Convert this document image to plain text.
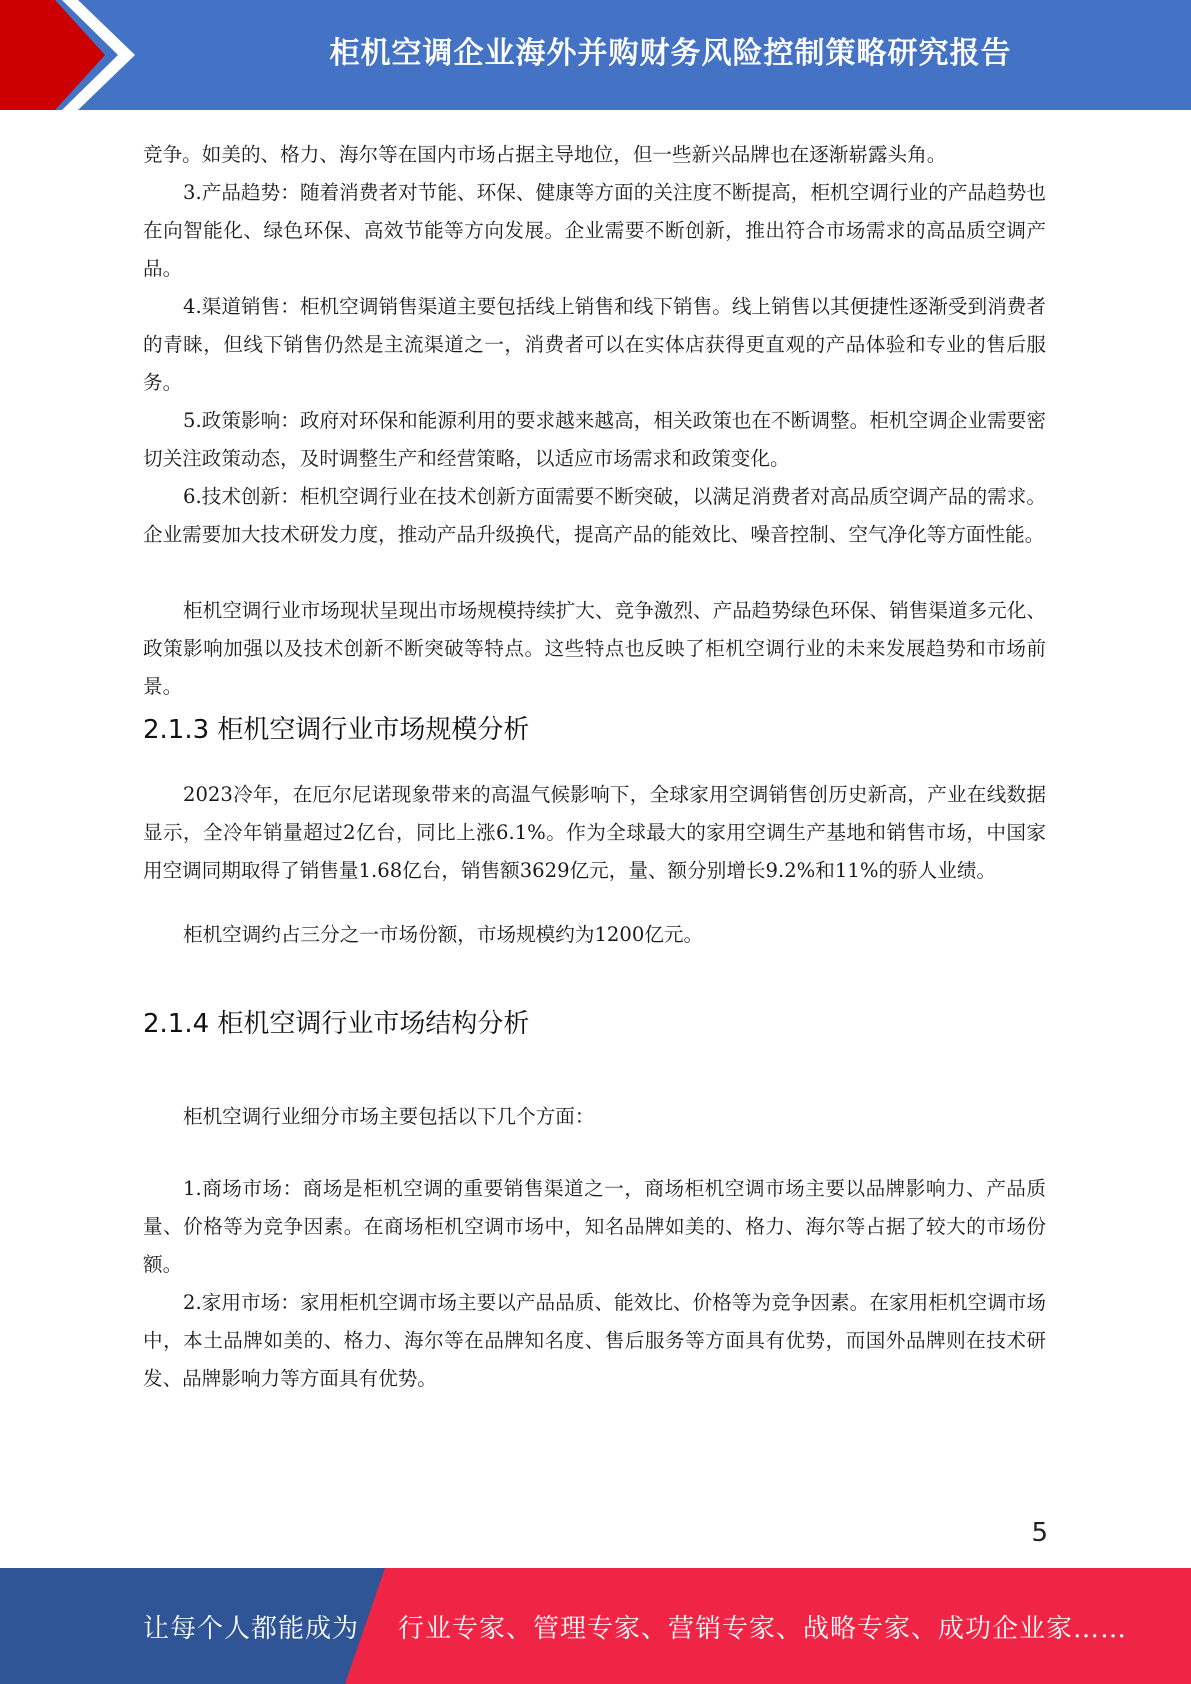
柜机空调企业海外并购财务风险控制策略研究报告

竞争。如美的、格力、海尔等在国内市场占据主导地位，但一些新兴品牌也在逐渐崭露头角。

3.产品趋势：随着消费者对节能、环保、健康等方面的关注度不断提高，柜机空调行业的产品趋势也在向智能化、绿色环保、高效节能等方向发展。企业需要不断创新，推出符合市场需求的高品质空调产品。

4.渠道销售：柜机空调销售渠道主要包括线上销售和线下销售。线上销售以其便捷性逐渐受到消费者的青睐，但线下销售仍然是主流渠道之一，消费者可以在实体店获得更直观的产品体验和专业的售后服务。

5.政策影响：政府对环保和能源利用的要求越来越高，相关政策也在不断调整。柜机空调企业需要密切关注政策动态，及时调整生产和经营策略，以适应市场需求和政策变化。

6.技术创新：柜机空调行业在技术创新方面需要不断突破，以满足消费者对高品质空调产品的需求。企业需要加大技术研发力度，推动产品升级换代，提高产品的能效比、噪音控制、空气净化等方面性能。

柜机空调行业市场现状呈现出市场规模持续扩大、竞争激烈、产品趋势绿色环保、销售渠道多元化、政策影响加强以及技术创新不断突破等特点。这些特点也反映了柜机空调行业的未来发展趋势和市场前景。

2.1.3 柜机空调行业市场规模分析

2023冷年，在厄尔尼诺现象带来的高温气候影响下，全球家用空调销售创历史新高，产业在线数据显示，全冷年销量超过2亿台，同比上涨6.1%。作为全球最大的家用空调生产基地和销售市场，中国家用空调同期取得了销售量1.68亿台，销售额3629亿元，量、额分别增长9.2%和11%的骄人业绩。

柜机空调约占三分之一市场份额，市场规模约为1200亿元。

2.1.4 柜机空调行业市场结构分析

柜机空调行业细分市场主要包括以下几个方面：

1.商场市场：商场是柜机空调的重要销售渠道之一，商场柜机空调市场主要以品牌影响力、产品质量、价格等为竞争因素。在商场柜机空调市场中，知名品牌如美的、格力、海尔等占据了较大的市场份额。

2.家用市场：家用柜机空调市场主要以产品品质、能效比、价格等为竞争因素。在家用柜机空调市场中，本土品牌如美的、格力、海尔等在品牌知名度、售后服务等方面具有优势，而国外品牌则在技术研发、品牌影响力等方面具有优势。

5
让每个人都能成为 行业专家、管理专家、营销专家、战略专家、成功企业家……
